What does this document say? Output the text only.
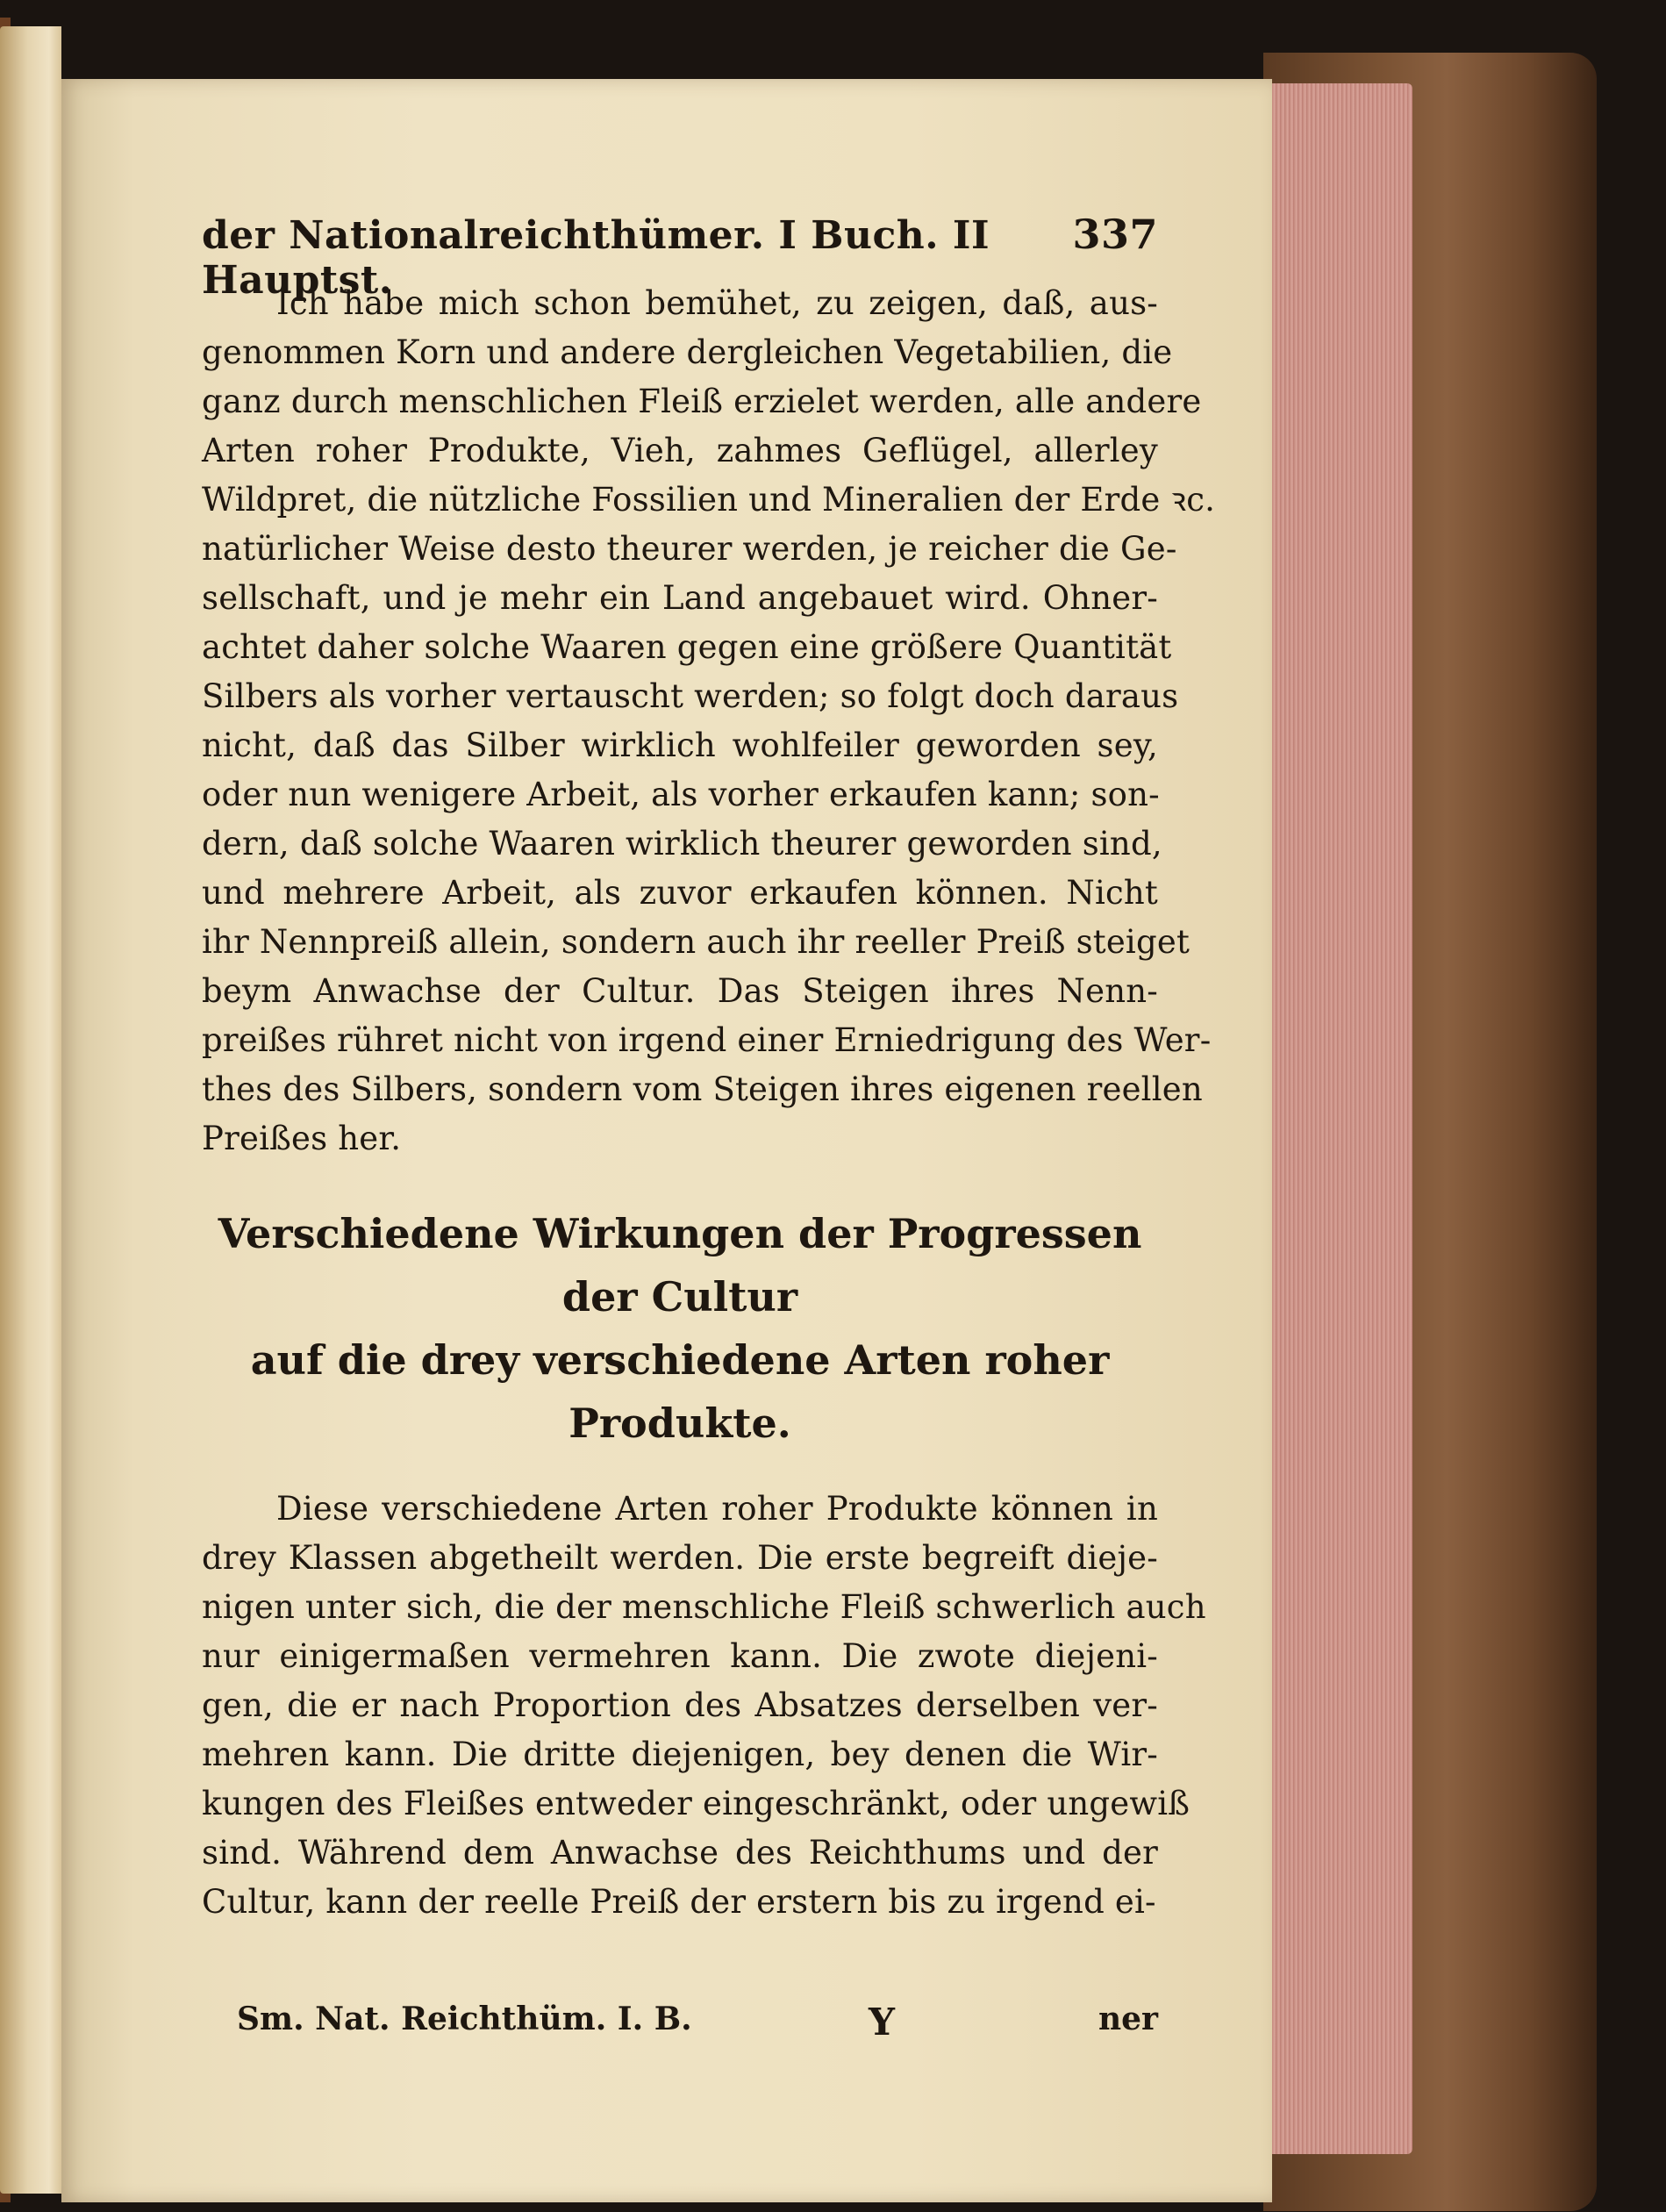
der Nationalreichthümer. I Buch. II Hauptst.
337
Ich habe mich schon bemühet, zu zeigen, daß, aus-
genommen Korn und andere dergleichen Vegetabilien, die
ganz durch menschlichen Fleiß erzielet werden, alle andere
Arten roher Produkte, Vieh, zahmes Geflügel, allerley
Wildpret, die nützliche Fossilien und Mineralien der Erde ꝛc.
natürlicher Weise desto theurer werden, je reicher die Ge-
sellschaft, und je mehr ein Land angebauet wird. Ohner-
achtet daher solche Waaren gegen eine größere Quantität
Silbers als vorher vertauscht werden; so folgt doch daraus
nicht, daß das Silber wirklich wohlfeiler geworden sey,
oder nun wenigere Arbeit, als vorher erkaufen kann; son-
dern, daß solche Waaren wirklich theurer geworden sind,
und mehrere Arbeit, als zuvor erkaufen können. Nicht
ihr Nennpreiß allein, sondern auch ihr reeller Preiß steiget
beym Anwachse der Cultur. Das Steigen ihres Nenn-
preißes rühret nicht von irgend einer Erniedrigung des Wer-
thes des Silbers, sondern vom Steigen ihres eigenen reellen
Preißes her.
Verschiedene Wirkungen der Progressen der Cultur
auf die drey verschiedene Arten roher
Produkte.
Diese verschiedene Arten roher Produkte können in
drey Klassen abgetheilt werden. Die erste begreift dieje-
nigen unter sich, die der menschliche Fleiß schwerlich auch
nur einigermaßen vermehren kann. Die zwote diejeni-
gen, die er nach Proportion des Absatzes derselben ver-
mehren kann. Die dritte diejenigen, bey denen die Wir-
kungen des Fleißes entweder eingeschränkt, oder ungewiß
sind. Während dem Anwachse des Reichthums und der
Cultur, kann der reelle Preiß der erstern bis zu irgend ei-
Sm. Nat. Reichthüm. I. B.	Y	ner
